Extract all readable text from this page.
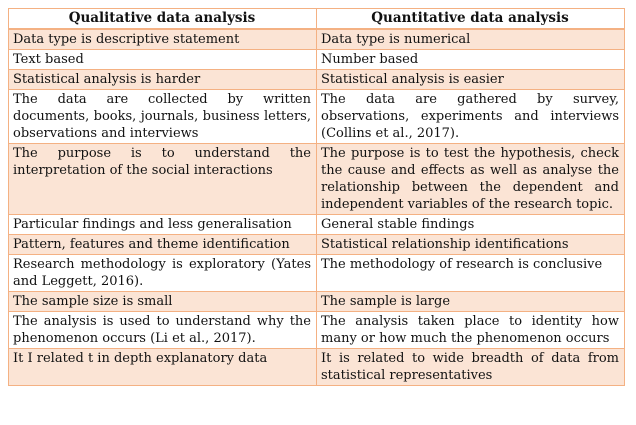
Qualitative data analysis	Quantitative data analysis
Data type is descriptive statement	Data type is numerical
Text based	Number based
Statistical analysis is harder	Statistical analysis is easier
The data are collected by written documents, books, journals, business letters, observations and interviews	The data are gathered by survey, observations, experiments and interviews (Collins et al., 2017).
The purpose is to understand the interpretation of the social interactions	The purpose is to test the hypothesis, check the cause and effects as well as analyse the relationship between the dependent and independent variables of the research topic.
Particular findings and less generalisation	General stable findings
Pattern, features and theme identification	Statistical relationship identifications
Research methodology is exploratory (Yates and Leggett, 2016).	The methodology of research is conclusive
The sample size is small	The sample is large
The analysis is used to understand why the phenomenon occurs (Li et al., 2017).	The analysis taken place to identity how many or how much the phenomenon occurs
It I related t in depth explanatory data	It is related to wide breadth of data from statistical representatives
